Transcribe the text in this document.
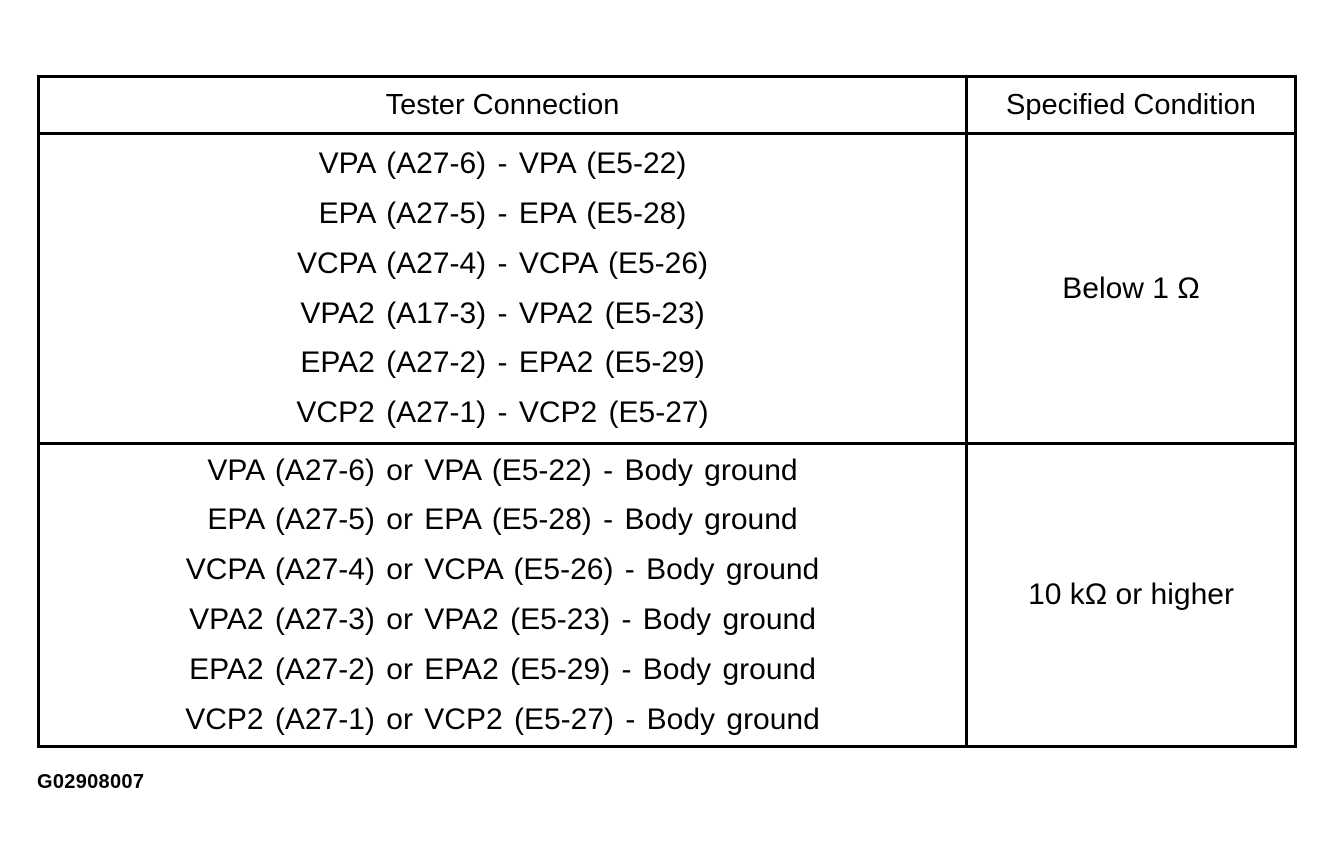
Tester Connection	Specified Condition
VPA (A27-6) - VPA (E5-22)
EPA (A27-5) - EPA (E5-28)
VCPA (A27-4) - VCPA (E5-26)
VPA2 (A17-3) - VPA2 (E5-23)
EPA2 (A27-2) - EPA2 (E5-29)
VCP2 (A27-1) - VCP2 (E5-27)
Below 1 Ω
VPA (A27-6) or VPA (E5-22) - Body ground
EPA (A27-5) or EPA (E5-28) - Body ground
VCPA (A27-4) or VCPA (E5-26) - Body ground
VPA2 (A27-3) or VPA2 (E5-23) - Body ground
EPA2 (A27-2) or EPA2 (E5-29) - Body ground
VCP2 (A27-1) or VCP2 (E5-27) - Body ground
10 kΩ or higher
G02908007
